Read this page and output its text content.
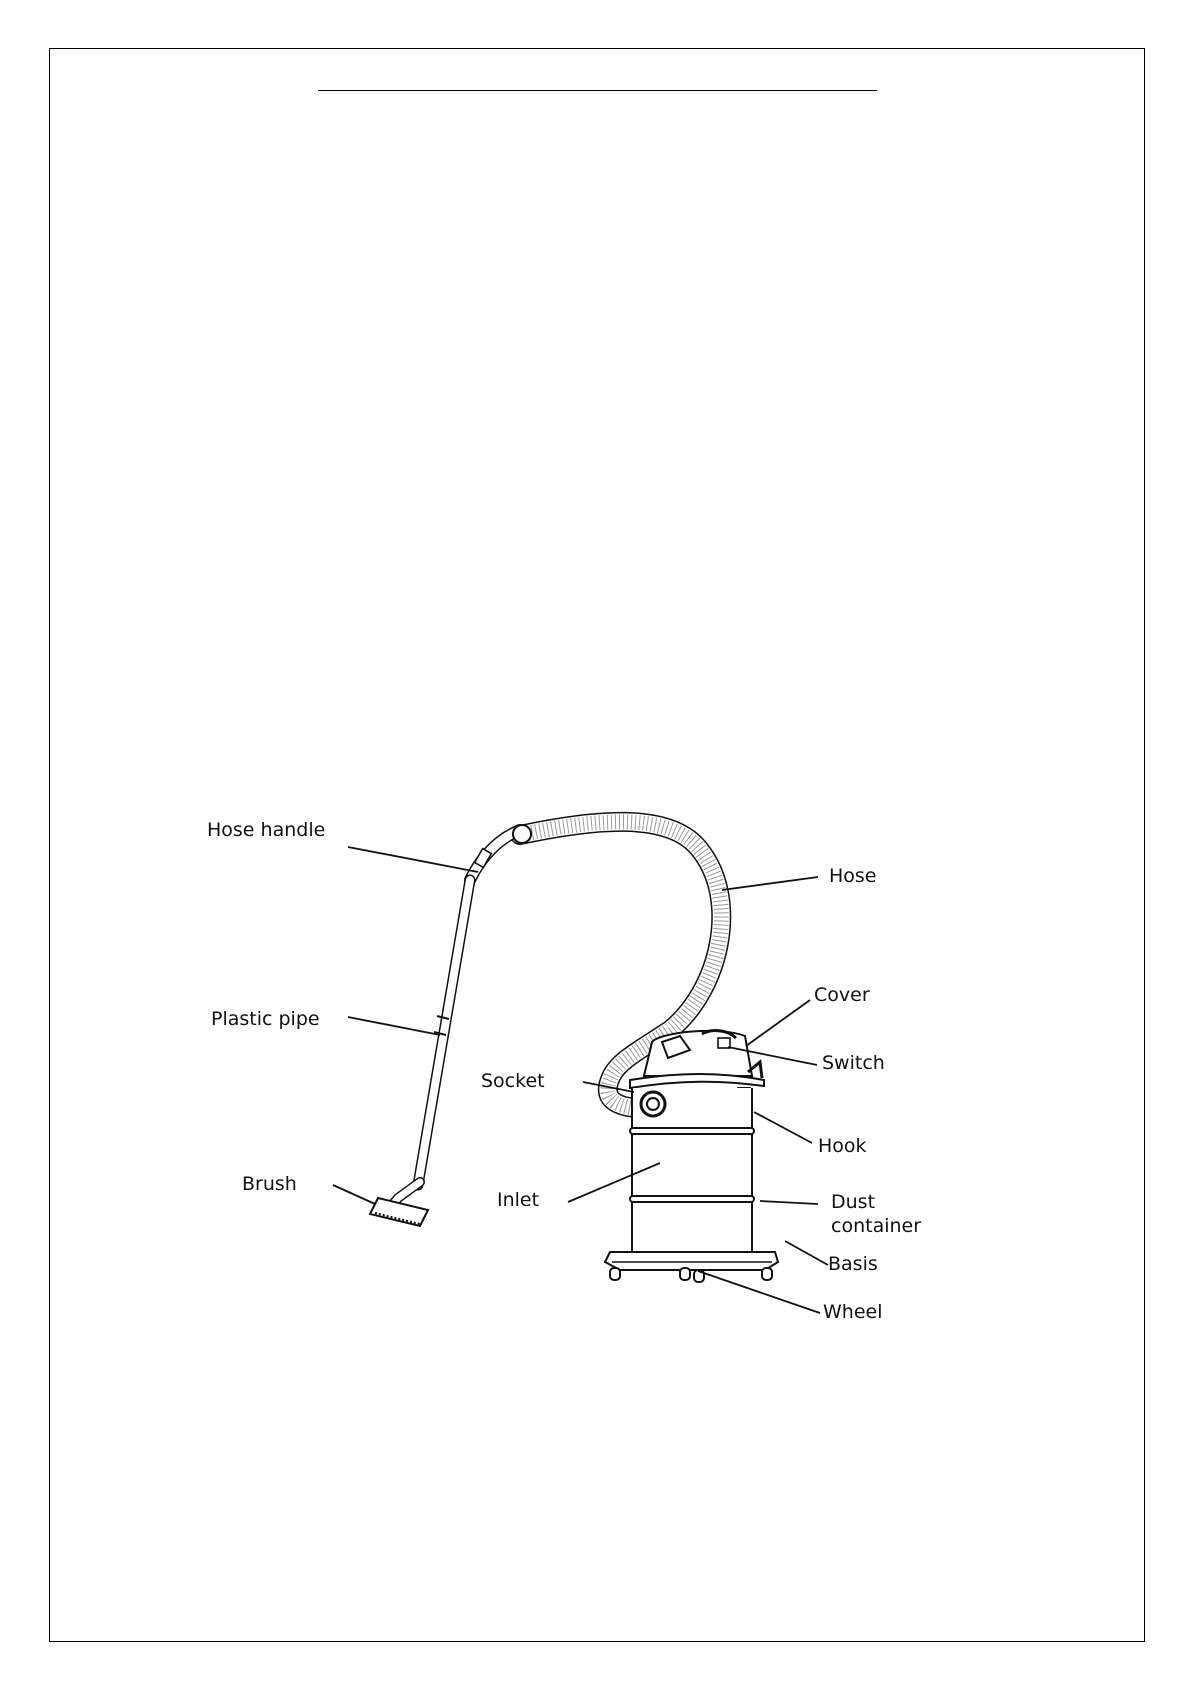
Hose handle
Hose
Cover
Switch
Plastic pipe
Socket
Hook
Brush
Inlet	Dust
container
Basis
Wheel
